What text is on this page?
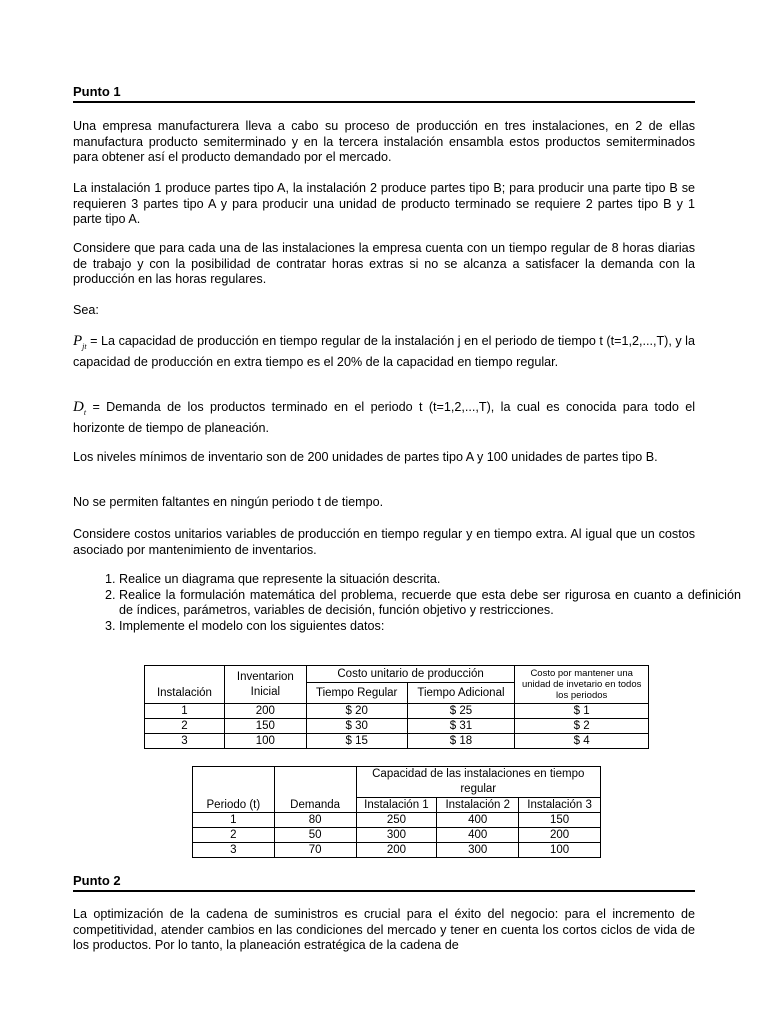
Punto 1

Una empresa manufacturera lleva a cabo su proceso de producción en tres instalaciones, en 2 de ellas manufactura producto semiterminado y en la tercera instalación ensambla estos productos semiterminados para obtener así el producto demandado por el mercado.

La instalación 1 produce partes tipo A, la instalación 2 produce partes tipo B; para producir una parte tipo B se requieren 3 partes tipo A y para producir una unidad de producto terminado se requiere 2 partes tipo B y 1 parte tipo A.

Considere que para cada una de las instalaciones la empresa cuenta con un tiempo regular de 8 horas diarias de trabajo y con la posibilidad de contratar horas extras si no se alcanza a satisfacer la demanda con la producción en las horas regulares.

Sea:

$P_{jt} = La$ capacidad de producción en tiempo regular de la instalación j en el periodo de tiempo t (t=1,2,...,T), y la capacidad de producción en extra tiempo es el 20% de la capacidad en tiempo regular.

$D_t$ = Demanda de los productos terminado en el periodo t (t=1,2,...,T), la cual es conocida para todo el horizonte de tiempo de planeación.

Los niveles mínimos de inventario son de 200 unidades de partes tipo A y 100 unidades de partes tipo B.

No se permiten faltantes en ningún periodo t de tiempo.

Considere costos unitarios variables de producción en tiempo regular y en tiempo extra. Al igual que un costos asociado por mantenimiento de inventarios.

1. Realice un diagrama que represente la situación descrita.
2. Realice la formulación matemática del problema, recuerde que esta debe ser rigurosa en cuanto a definición de índices, parámetros, variables de decisión, función objetivo y restricciones.
3. Implemente el modelo con los siguientes datos:
	Inventarion Inicial	Costo unitario de producción		Costo por mantener una unidad de invetario en todos los periodos
Instalación		Tiempo Regular	Tiempo Adicional	
1	200	$ 20	$ 25	$ 1
2	150	$ 30	$ 31	$ 2
3	100	$ 15	$ 18	$ 4
		Capacidad de las instalaciones en tiempo regular		
Periodo (t)	Demanda	Instalación 1	Instalación 2	Instalación 3
1	80	250	400	150
2	50	300	400	200
3	70	200	300	100
Punto 2

La optimización de la cadena de suministros es crucial para el éxito del negocio: para el incremento de competitividad, atender cambios en las condiciones del mercado y tener en cuenta los cortos ciclos de vida de los productos. Por lo tanto, la planeación estratégica de la cadena de
